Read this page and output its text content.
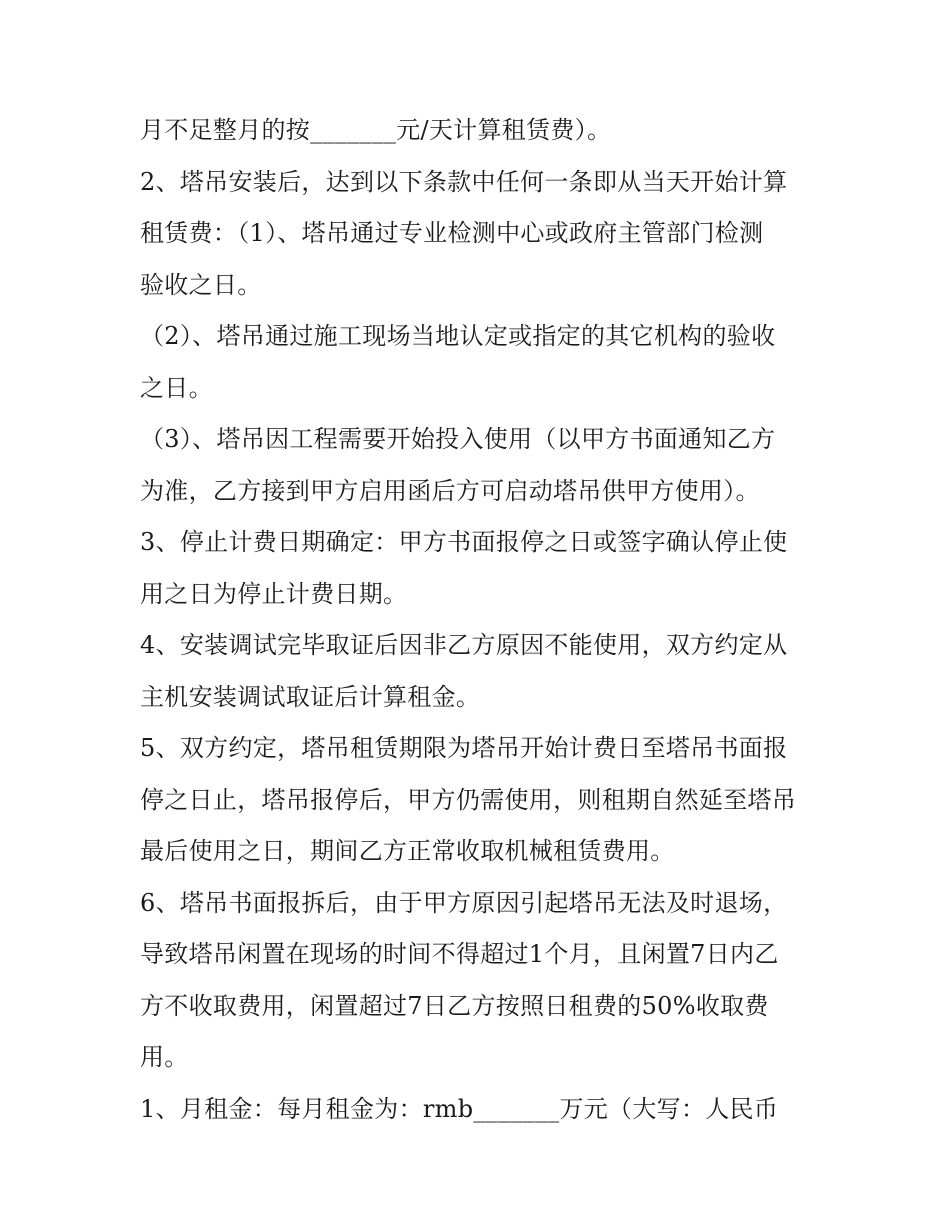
月不足整月的按_______元/天计算租赁费）。

2、塔吊安装后，达到以下条款中任何一条即从当天开始计算

租赁费：（1）、塔吊通过专业检测中心或政府主管部门检测

验收之日。

（2）、塔吊通过施工现场当地认定或指定的其它机构的验收

之日。

（3）、塔吊因工程需要开始投入使用（以甲方书面通知乙方

为准，乙方接到甲方启用函后方可启动塔吊供甲方使用）。

3、停止计费日期确定：甲方书面报停之日或签字确认停止使

用之日为停止计费日期。

4、安装调试完毕取证后因非乙方原因不能使用，双方约定从

主机安装调试取证后计算租金。

5、双方约定，塔吊租赁期限为塔吊开始计费日至塔吊书面报

停之日止，塔吊报停后，甲方仍需使用，则租期自然延至塔吊

最后使用之日，期间乙方正常收取机械租赁费用。

6、塔吊书面报拆后，由于甲方原因引起塔吊无法及时退场，

导致塔吊闲置在现场的时间不得超过1个月，且闲置7日内乙

方不收取费用，闲置超过7日乙方按照日租费的50%收取费

用。

1、月租金：每月租金为：rmb_______万元（大写：人民币
